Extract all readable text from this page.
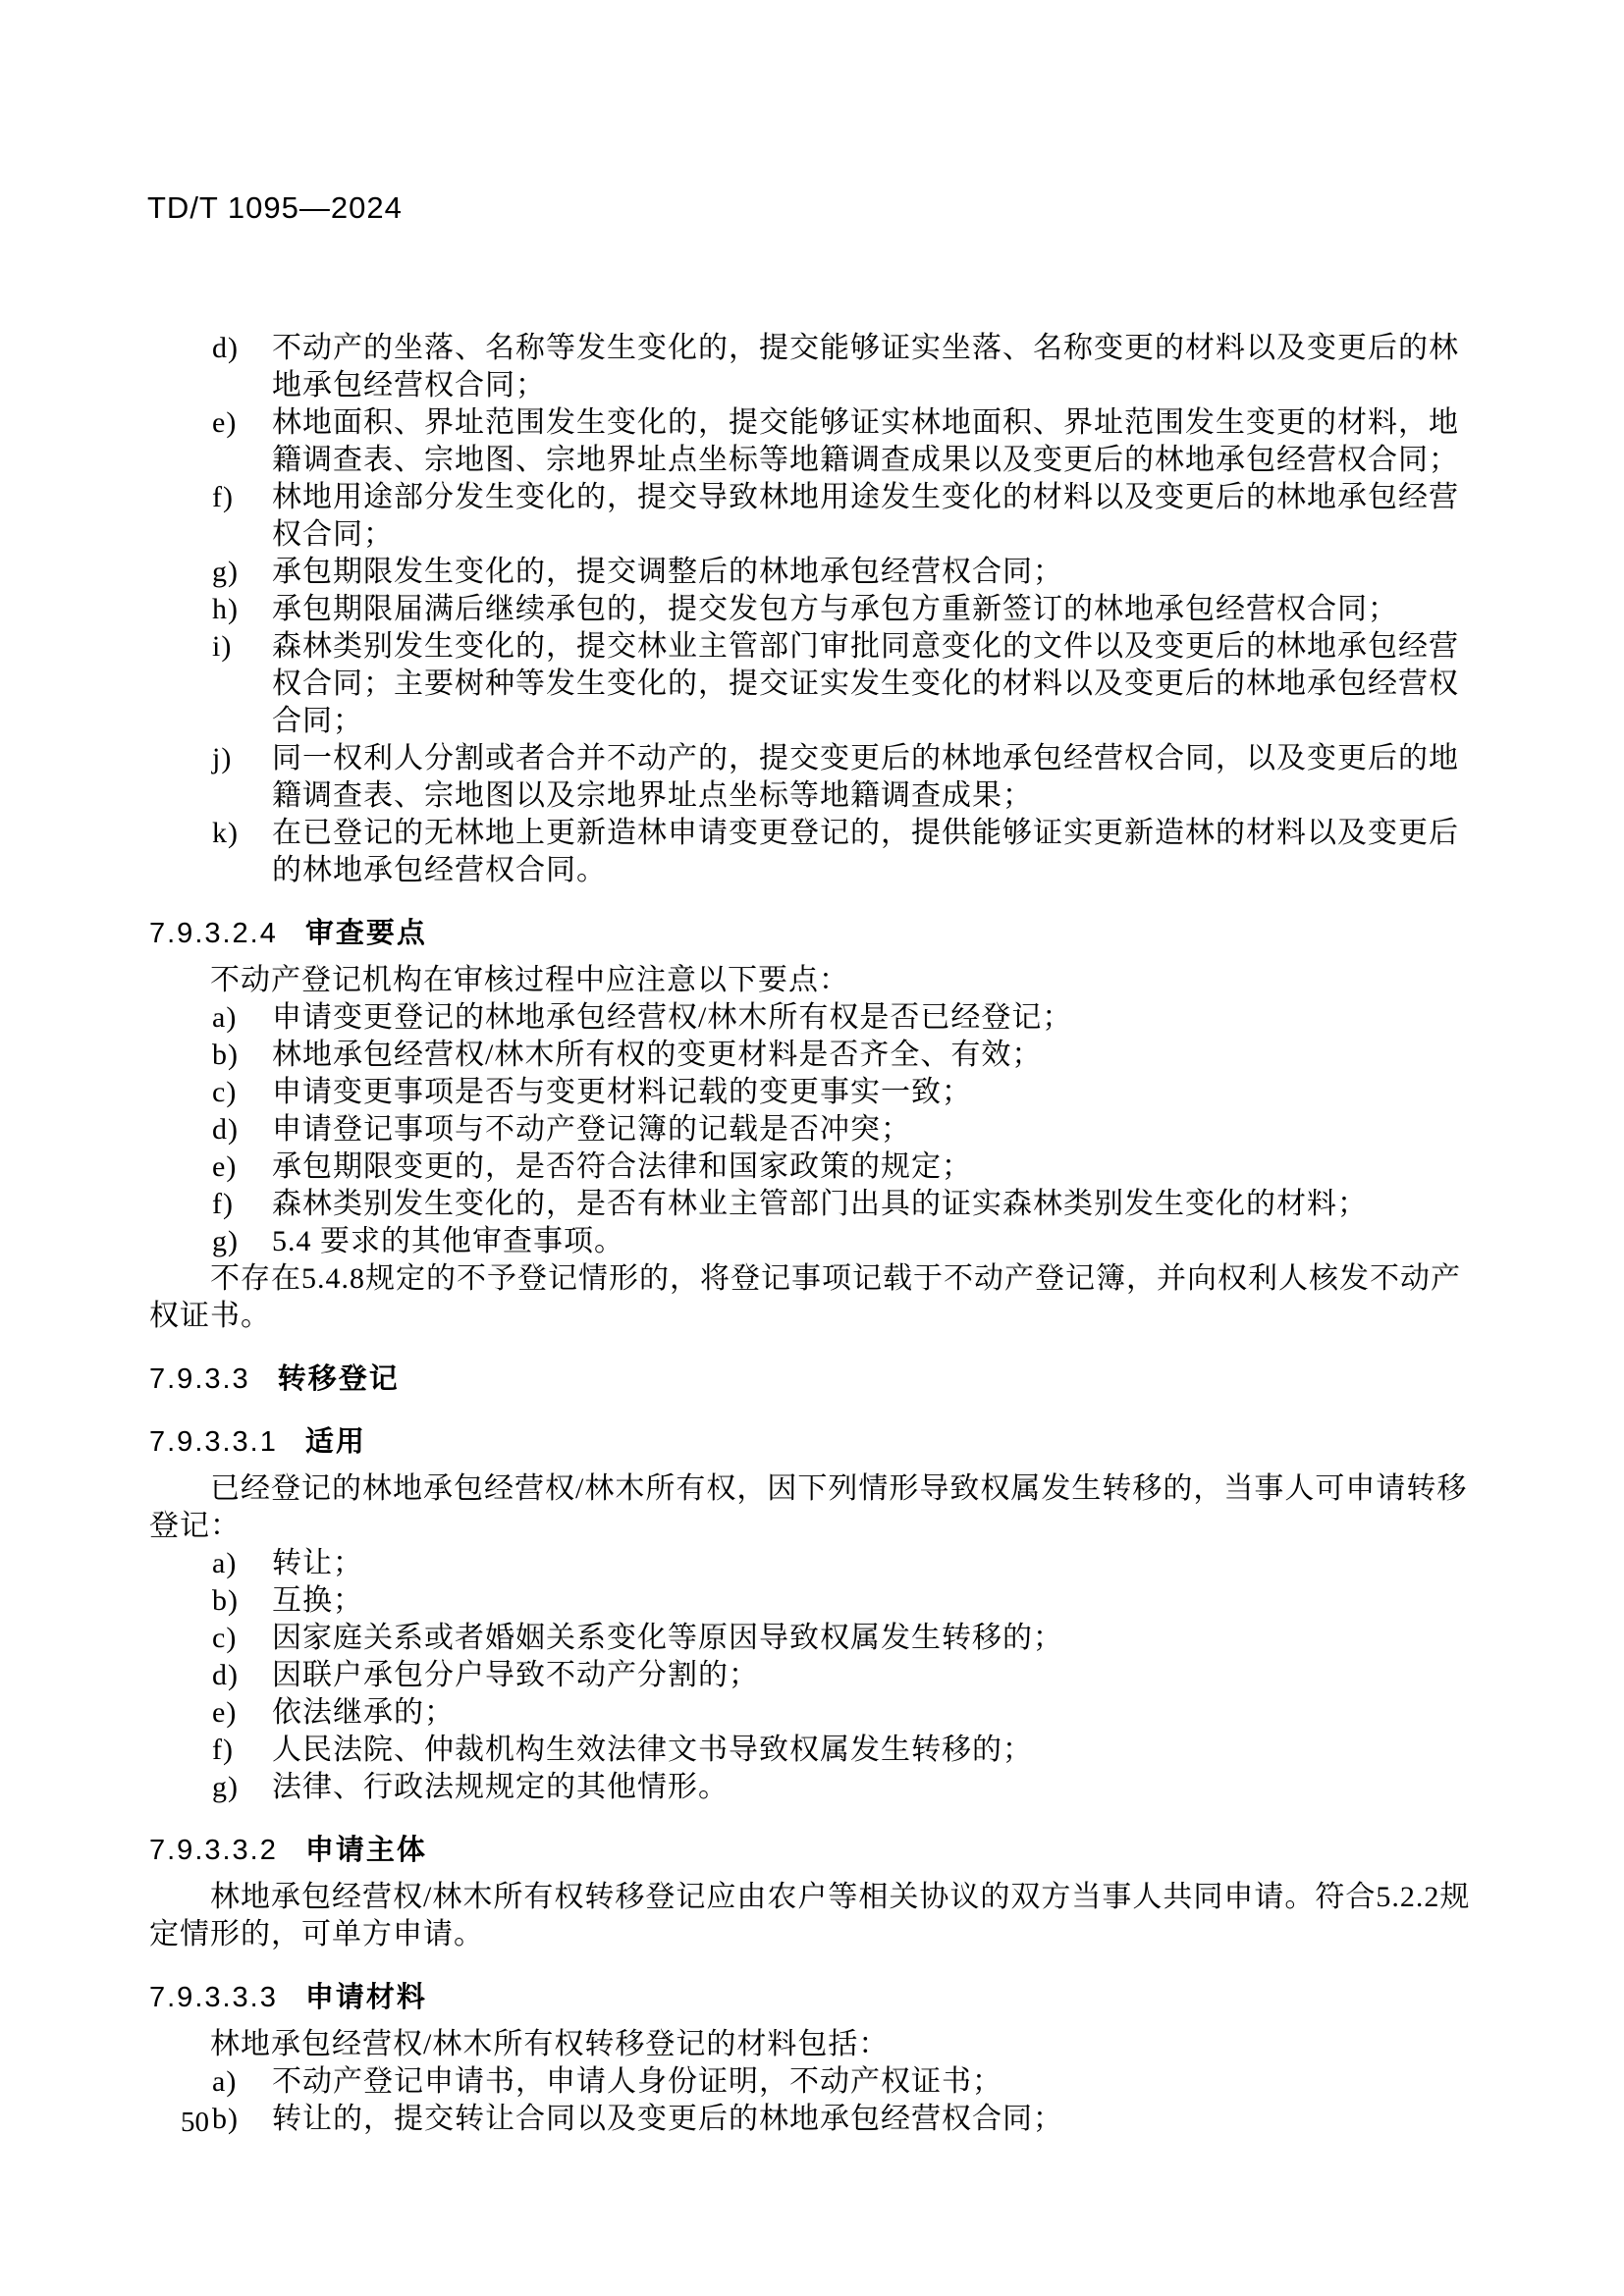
TD/T 1095—2024
d) 不动产的坐落、名称等发生变化的，提交能够证实坐落、名称变更的材料以及变更后的林地承包经营权合同；
e) 林地面积、界址范围发生变化的，提交能够证实林地面积、界址范围发生变更的材料，地籍调查表、宗地图、宗地界址点坐标等地籍调查成果以及变更后的林地承包经营权合同；
f) 林地用途部分发生变化的，提交导致林地用途发生变化的材料以及变更后的林地承包经营权合同；
g) 承包期限发生变化的，提交调整后的林地承包经营权合同；
h) 承包期限届满后继续承包的，提交发包方与承包方重新签订的林地承包经营权合同；
i) 森林类别发生变化的，提交林业主管部门审批同意变化的文件以及变更后的林地承包经营权合同；主要树种等发生变化的，提交证实发生变化的材料以及变更后的林地承包经营权合同；
j) 同一权利人分割或者合并不动产的，提交变更后的林地承包经营权合同，以及变更后的地籍调查表、宗地图以及宗地界址点坐标等地籍调查成果；
k) 在已登记的无林地上更新造林申请变更登记的，提供能够证实更新造林的材料以及变更后的林地承包经营权合同。
7.9.3.2.4 审查要点

不动产登记机构在审核过程中应注意以下要点：

a) 申请变更登记的林地承包经营权/林木所有权是否已经登记；
b) 林地承包经营权/林木所有权的变更材料是否齐全、有效；
c) 申请变更事项是否与变更材料记载的变更事实一致；
d) 申请登记事项与不动产登记簿的记载是否冲突；
e) 承包期限变更的，是否符合法律和国家政策的规定；
f) 森林类别发生变化的，是否有林业主管部门出具的证实森林类别发生变化的材料；
g) 5.4 要求的其他审查事项。

不存在5.4.8规定的不予登记情形的，将登记事项记载于不动产登记簿，并向权利人核发不动产权证书。

7.9.3.3 转移登记
7.9.3.3.1 适用

已经登记的林地承包经营权/林木所有权，因下列情形导致权属发生转移的，当事人可申请转移登记：

a) 转让；
b) 互换；
c) 因家庭关系或者婚姻关系变化等原因导致权属发生转移的；
d) 因联户承包分户导致不动产分割的；
e) 依法继承的；
f) 人民法院、仲裁机构生效法律文书导致权属发生转移的；
g) 法律、行政法规规定的其他情形。
7.9.3.3.2 申请主体

林地承包经营权/林木所有权转移登记应由农户等相关协议的双方当事人共同申请。符合5.2.2规定情形的，可单方申请。

7.9.3.3.3 申请材料

林地承包经营权/林木所有权转移登记的材料包括：

a) 不动产登记申请书，申请人身份证明，不动产权证书；
b) 转让的，提交转让合同以及变更后的林地承包经营权合同；
50
